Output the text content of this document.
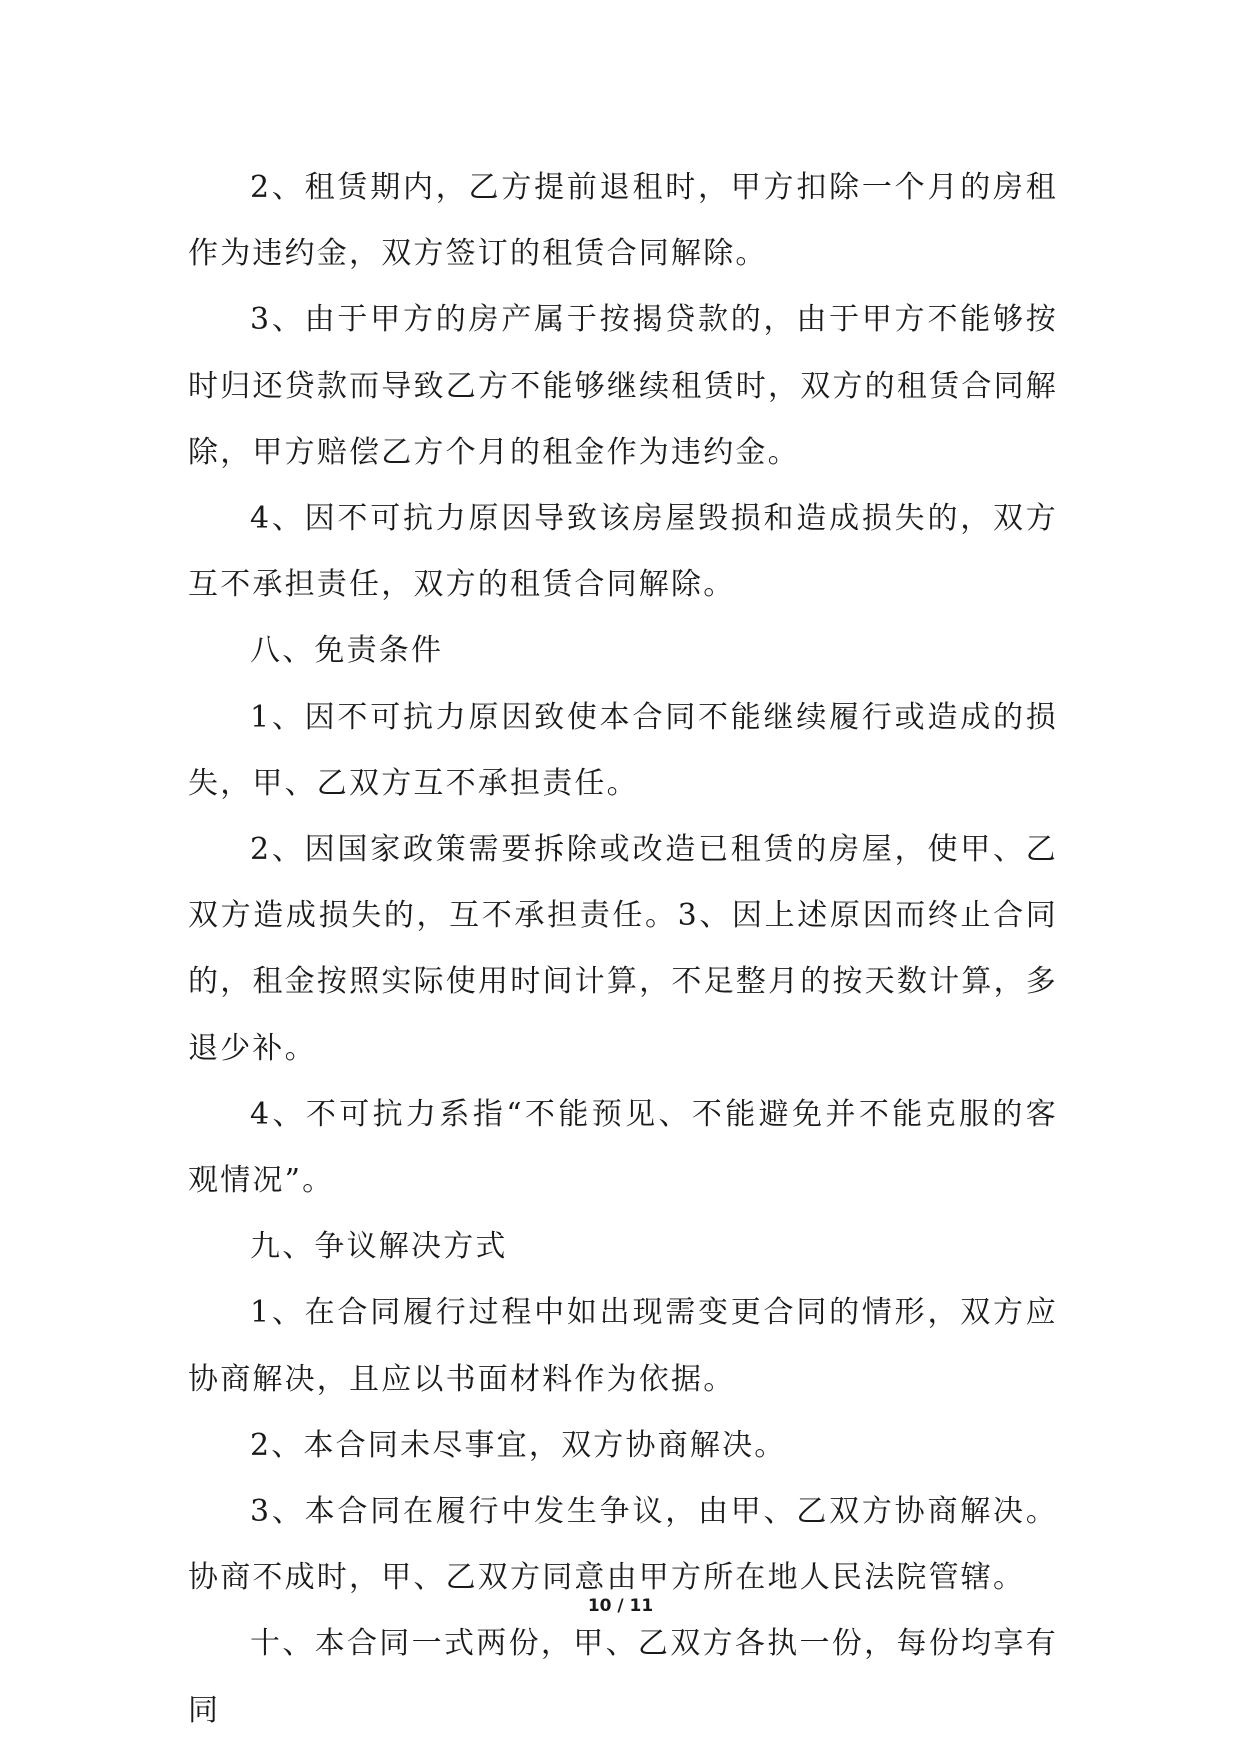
2、租赁期内，乙方提前退租时，甲方扣除一个月的房租作为违约金，双方签订的租赁合同解除。

3、由于甲方的房产属于按揭贷款的，由于甲方不能够按时归还贷款而导致乙方不能够继续租赁时，双方的租赁合同解除，甲方赔偿乙方个月的租金作为违约金。

4、因不可抗力原因导致该房屋毁损和造成损失的，双方互不承担责任，双方的租赁合同解除。

八、免责条件

1、因不可抗力原因致使本合同不能继续履行或造成的损失，甲、乙双方互不承担责任。

2、因国家政策需要拆除或改造已租赁的房屋，使甲、乙双方造成损失的，互不承担责任。3、因上述原因而终止合同的，租金按照实际使用时间计算，不足整月的按天数计算，多退少补。

4、不可抗力系指“不能预见、不能避免并不能克服的客观情况”。

九、争议解决方式

1、在合同履行过程中如出现需变更合同的情形，双方应协商解决，且应以书面材料作为依据。

2、本合同未尽事宜，双方协商解决。

3、本合同在履行中发生争议，由甲、乙双方协商解决。协商不成时，甲、乙双方同意由甲方所在地人民法院管辖。

十、本合同一式两份，甲、乙双方各执一份，每份均享有同

10 / 11
